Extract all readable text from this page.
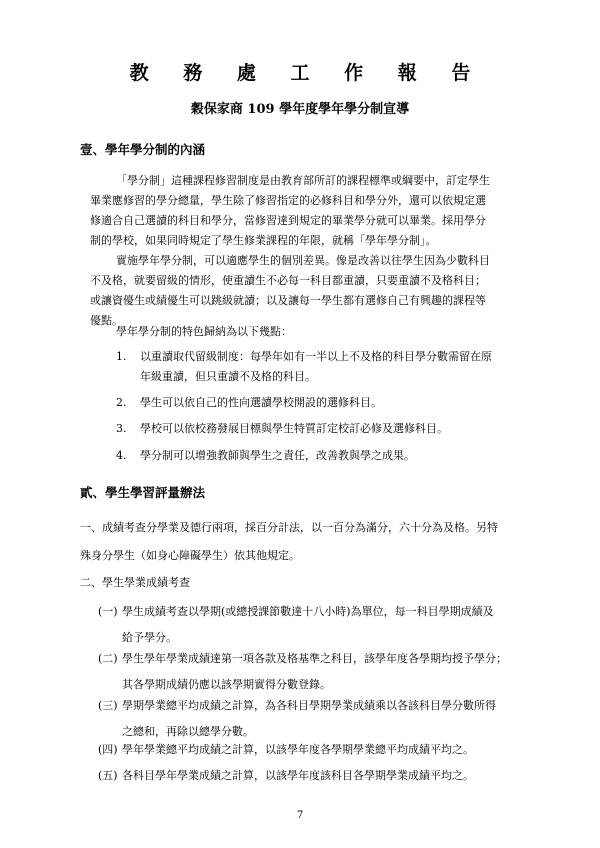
教 務 處 工 作 報 告
穀保家商 109 學年度學年學分制宣導
壹、學年學分制的內涵
「學分制」這種課程修習制度是由教育部所訂的課程標準或綱要中，訂定學生
畢業應修習的學分總量，學生除了修習指定的必修科目和學分外，還可以依規定選
修適合自己選讀的科目和學分，當修習達到規定的畢業學分就可以畢業。採用學分
制的學校，如果同時規定了學生修業課程的年限，就稱「學年學分制」。
實施學年學分制，可以適應學生的個別差異。像是改善以往學生因為少數科目
不及格，就要留級的情形，使重讀生不必每一科目都重讀，只要重讀不及格科目；
或讓資優生或績優生可以跳級就讀；以及讓每一學生都有選修自己有興趣的課程等
優點。
學年學分制的特色歸納為以下幾點：
1. 以重讀取代留級制度：每學年如有一半以上不及格的科目學分數需留在原
年級重讀，但只重讀不及格的科目。
2. 學生可以依自己的性向選讀學校開設的選修科目。
3. 學校可以依校務發展目標與學生特質訂定校訂必修及選修科目。
4. 學分制可以增強教師與學生之責任，改善教與學之成果。
貳、學生學習評量辦法
一、成績考查分學業及德行兩項，採百分計法，以一百分為滿分，六十分為及格。另特
殊身分學生（如身心障礙學生）依其他規定。
二、學生學業成績考查
(一) 學生成績考查以學期(或總授課節數達十八小時)為單位，每一科目學期成績及
給予學分。
(二) 學生學年學業成績達第一項各款及格基準之科目，該學年度各學期均授予學分；
其各學期成績仍應以該學期實得分數登錄。
(三) 學期學業總平均成績之計算，為各科目學期學業成績乘以各該科目學分數所得
之總和，再除以總學分數。
(四) 學年學業總平均成績之計算，以該學年度各學期學業總平均成績平均之。
(五) 各科目學年學業成績之計算，以該學年度該科目各學期學業成績平均之。
7
